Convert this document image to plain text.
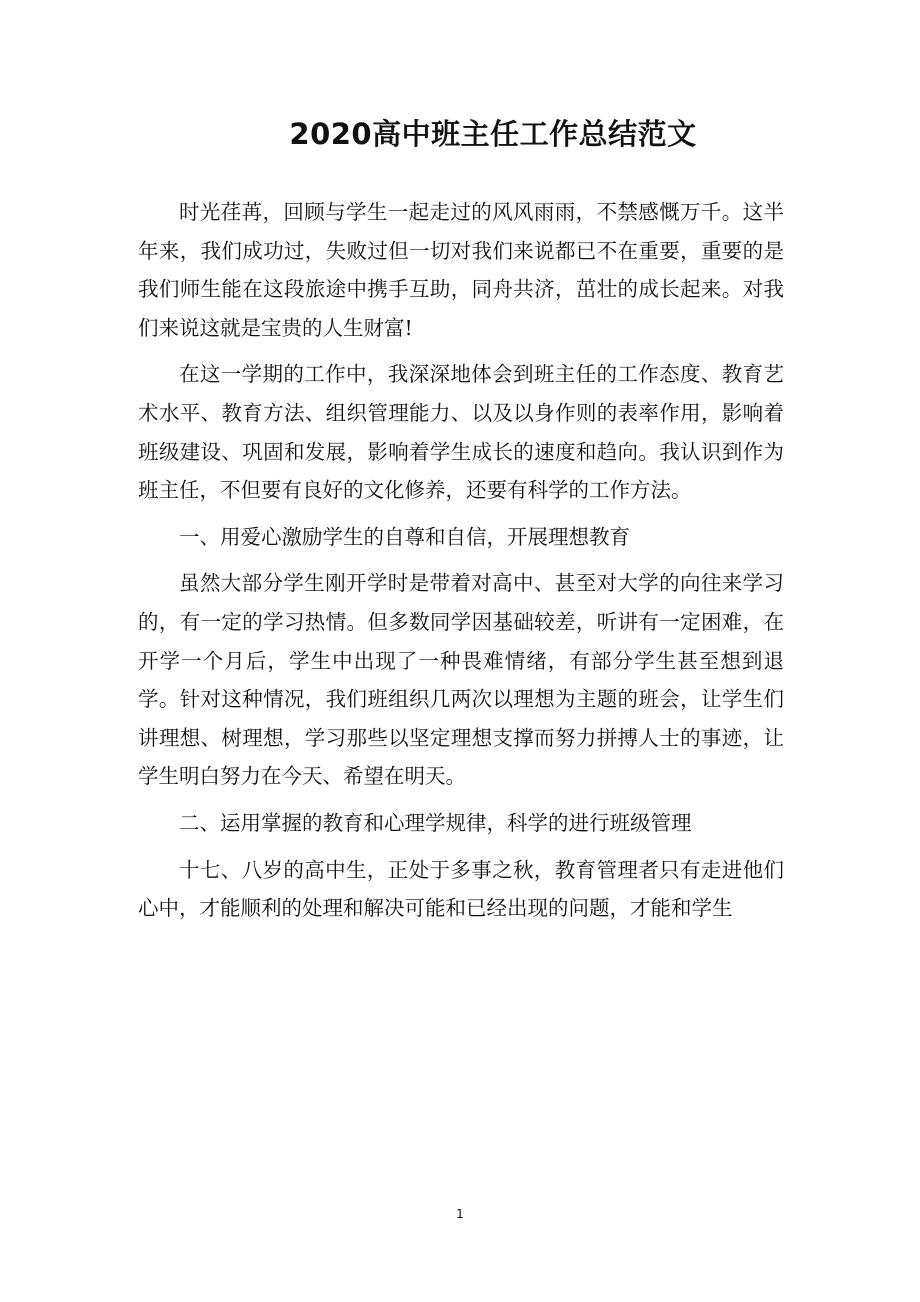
2020高中班主任工作总结范文

时光荏苒，回顾与学生一起走过的风风雨雨，不禁感慨万千。这半年来，我们成功过，失败过但一切对我们来说都已不在重要，重要的是我们师生能在这段旅途中携手互助，同舟共济，茁壮的成长起来。对我们来说这就是宝贵的人生财富!

在这一学期的工作中，我深深地体会到班主任的工作态度、教育艺术水平、教育方法、组织管理能力、以及以身作则的表率作用，影响着班级建设、巩固和发展，影响着学生成长的速度和趋向。我认识到作为班主任，不但要有良好的文化修养，还要有科学的工作方法。

一、用爱心激励学生的自尊和自信，开展理想教育

虽然大部分学生刚开学时是带着对高中、甚至对大学的向往来学习的，有一定的学习热情。但多数同学因基础较差，听讲有一定困难，在开学一个月后，学生中出现了一种畏难情绪，有部分学生甚至想到退学。针对这种情况，我们班组织几两次以理想为主题的班会，让学生们讲理想、树理想，学习那些以坚定理想支撑而努力拼搏人士的事迹，让学生明白努力在今天、希望在明天。

二、运用掌握的教育和心理学规律，科学的进行班级管理

十七、八岁的高中生，正处于多事之秋，教育管理者只有走进他们心中，才能顺利的处理和解决可能和已经出现的问题，才能和学生

1
